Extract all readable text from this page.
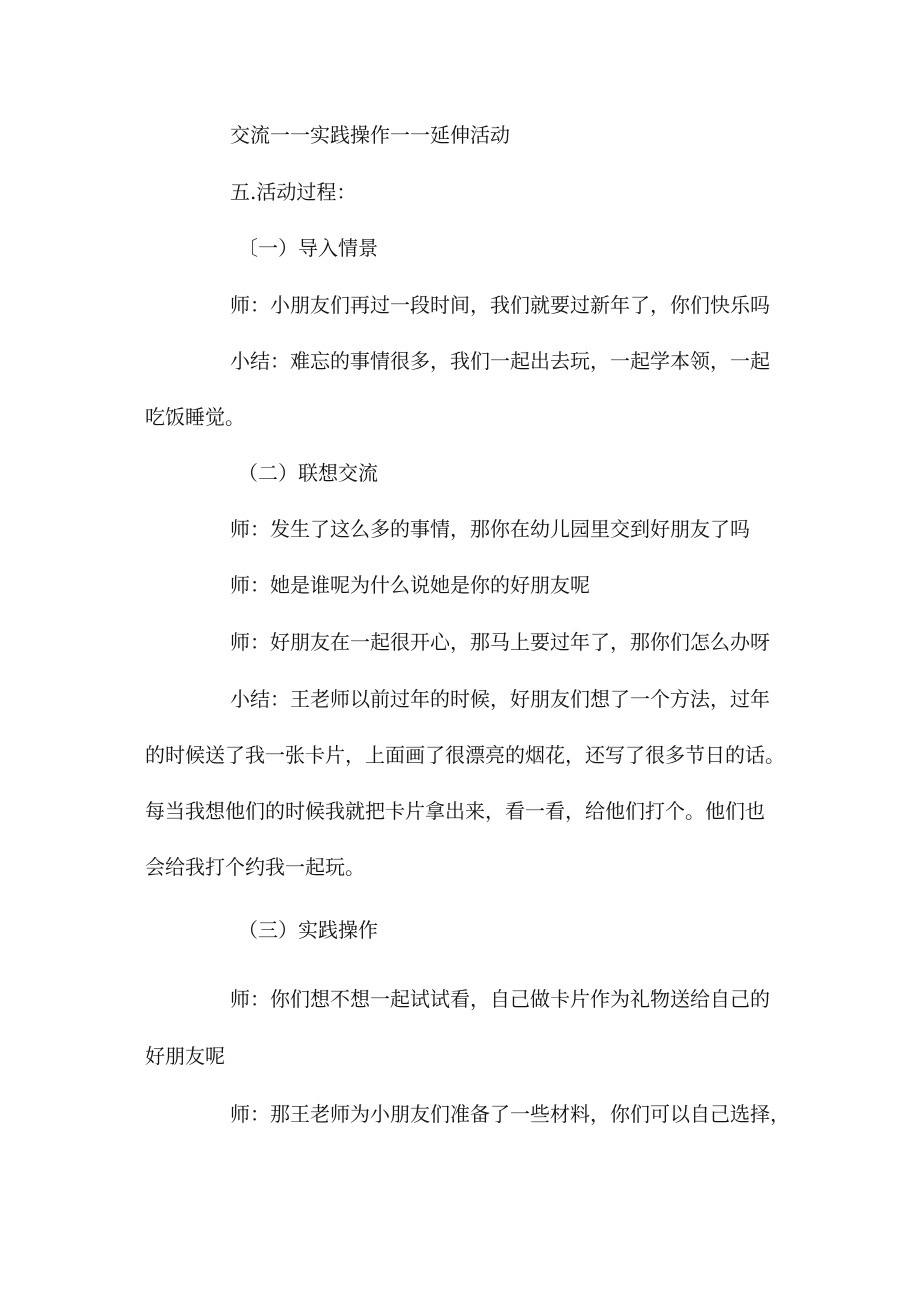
交流一一实践操作一一延伸活动

五.活动过程：

〔一）导入情景

师：小朋友们再过一段时间，我们就要过新年了，你们快乐吗

小结：难忘的事情很多，我们一起出去玩，一起学本领，一起

吃饭睡觉。

（二）联想交流

师：发生了这么多的事情，那你在幼儿园里交到好朋友了吗

师：她是谁呢为什么说她是你的好朋友呢

师：好朋友在一起很开心，那马上要过年了，那你们怎么办呀

小结：王老师以前过年的时候，好朋友们想了一个方法，过年

的时候送了我一张卡片，上面画了很漂亮的烟花，还写了很多节日的话。

每当我想他们的时候我就把卡片拿出来，看一看，给他们打个。他们也

会给我打个约我一起玩。

（三）实践操作

师：你们想不想一起试试看，自己做卡片作为礼物送给自己的

好朋友呢

师：那王老师为小朋友们准备了一些材料，你们可以自己选择，
